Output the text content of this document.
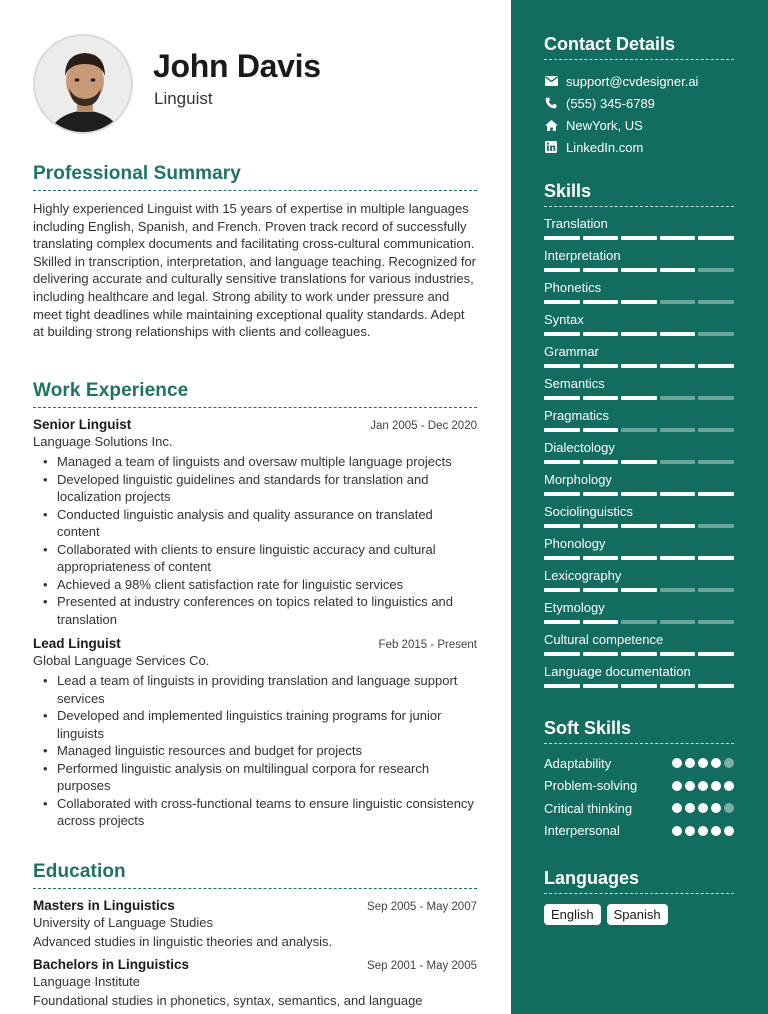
John Davis
Linguist
Professional Summary

Highly experienced Linguist with 15 years of expertise in multiple languages including English, Spanish, and French. Proven track record of successfully translating complex documents and facilitating cross-cultural communication. Skilled in transcription, interpretation, and language teaching. Recognized for delivering accurate and culturally sensitive translations for various industries, including healthcare and legal. Strong ability to work under pressure and meet tight deadlines while maintaining exceptional quality standards. Adept at building strong relationships with clients and colleagues.

Work Experience
Senior Linguist	Jan 2005 - Dec 2020
Language Solutions Inc.
• Managed a team of linguists and oversaw multiple language projects
• Developed linguistic guidelines and standards for translation and localization projects
• Conducted linguistic analysis and quality assurance on translated content
• Collaborated with clients to ensure linguistic accuracy and cultural appropriateness of content
• Achieved a 98% client satisfaction rate for linguistic services
• Presented at industry conferences on topics related to linguistics and translation
Lead Linguist	Feb 2015 - Present
Global Language Services Co.
• Lead a team of linguists in providing translation and language support services
• Developed and implemented linguistics training programs for junior linguists
• Managed linguistic resources and budget for projects
• Performed linguistic analysis on multilingual corpora for research purposes
• Collaborated with cross-functional teams to ensure linguistic consistency across projects
Education
Masters in Linguistics	Sep 2005 - May 2007
University of Language Studies
Advanced studies in linguistic theories and analysis.
Bachelors in Linguistics	Sep 2001 - May 2005
Language Institute
Foundational studies in phonetics, syntax, semantics, and language
Contact Details
support@cvdesigner.ai
(555) 345-6789
NewYork, US
LinkedIn.com
Skills
Translation
Interpretation
Phonetics
Syntax
Grammar
Semantics
Pragmatics
Dialectology
Morphology
Sociolinguistics
Phonology
Lexicography
Etymology
Cultural competence
Language documentation
Soft Skills
Adaptability
Problem-solving
Critical thinking
Interpersonal
Languages
English	Spanish
